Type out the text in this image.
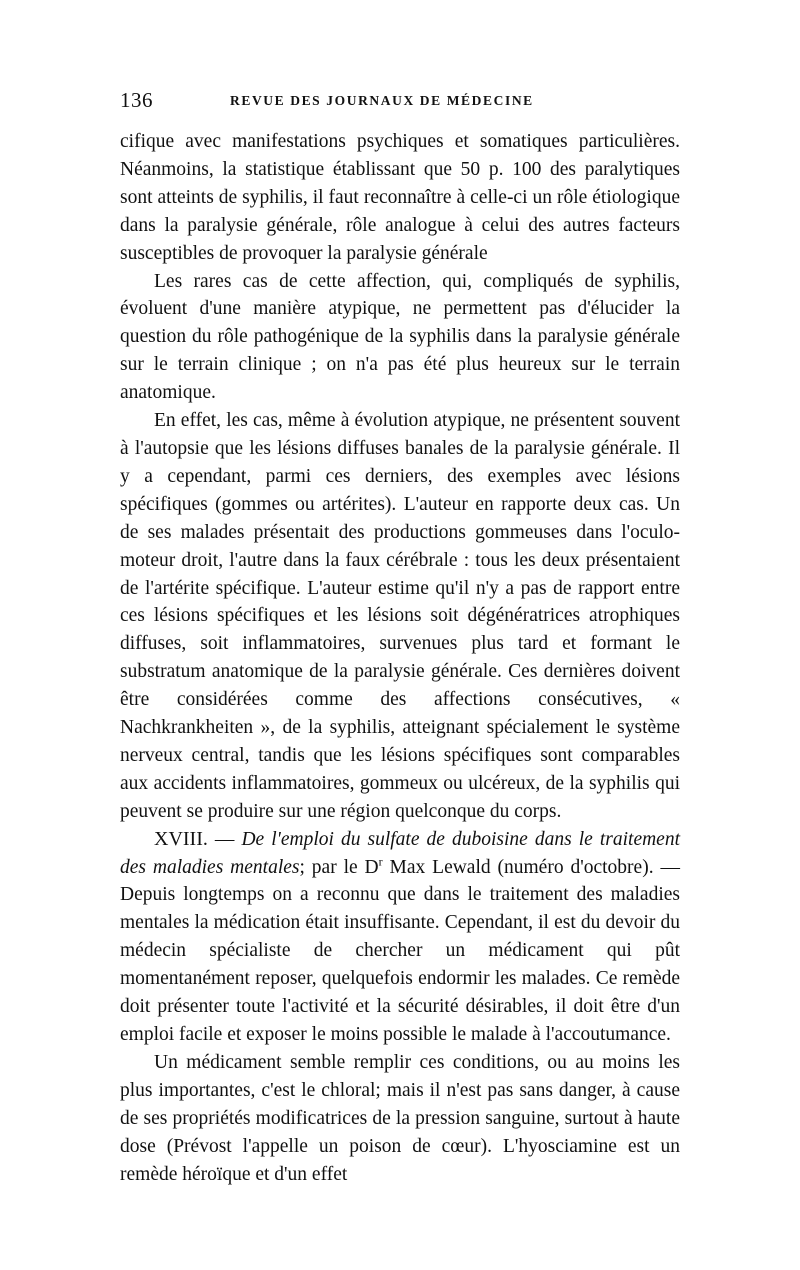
136	REVUE DES JOURNAUX DE MÉDECINE

cifique avec manifestations psychiques et somatiques particulières. Néanmoins, la statistique établissant que 50 p. 100 des paralytiques sont atteints de syphilis, il faut reconnaître à celle-ci un rôle étiologique dans la paralysie générale, rôle analogue à celui des autres facteurs susceptibles de provoquer la paralysie générale

Les rares cas de cette affection, qui, compliqués de syphilis, évoluent d'une manière atypique, ne permettent pas d'élucider la question du rôle pathogénique de la syphilis dans la paralysie générale sur le terrain clinique ; on n'a pas été plus heureux sur le terrain anatomique.

En effet, les cas, même à évolution atypique, ne présentent souvent à l'autopsie que les lésions diffuses banales de la paralysie générale. Il y a cependant, parmi ces derniers, des exemples avec lésions spécifiques (gommes ou artérites). L'auteur en rapporte deux cas. Un de ses malades présentait des productions gommeuses dans l'oculo-moteur droit, l'autre dans la faux cérébrale : tous les deux présentaient de l'artérite spécifique. L'auteur estime qu'il n'y a pas de rapport entre ces lésions spécifiques et les lésions soit dégénératrices atrophiques diffuses, soit inflammatoires, survenues plus tard et formant le substratum anatomique de la paralysie générale. Ces dernières doivent être considérées comme des affections consécutives, « Nachkrankheiten », de la syphilis, atteignant spécialement le système nerveux central, tandis que les lésions spécifiques sont comparables aux accidents inflammatoires, gommeux ou ulcéreux, de la syphilis qui peuvent se produire sur une région quelconque du corps.

XVIII. — De l'emploi du sulfate de duboisine dans le traitement des maladies mentales; par le $D^r$ Max Lewald (numéro d'octobre). — Depuis longtemps on a reconnu que dans le traitement des maladies mentales la médication était insuffisante. Cependant, il est du devoir du médecin spécialiste de chercher un médicament qui pût momentanément reposer, quelquefois endormir les malades. Ce remède doit présenter toute l'activité et la sécurité désirables, il doit être d'un emploi facile et exposer le moins possible le malade à l'accoutumance.

Un médicament semble remplir ces conditions, ou au moins les plus importantes, c'est le chloral; mais il n'est pas sans danger, à cause de ses propriétés modificatrices de la pression sanguine, surtout à haute dose (Prévost l'appelle un poison de cœur). L'hyosciamine est un remède héroïque et d'un effet
